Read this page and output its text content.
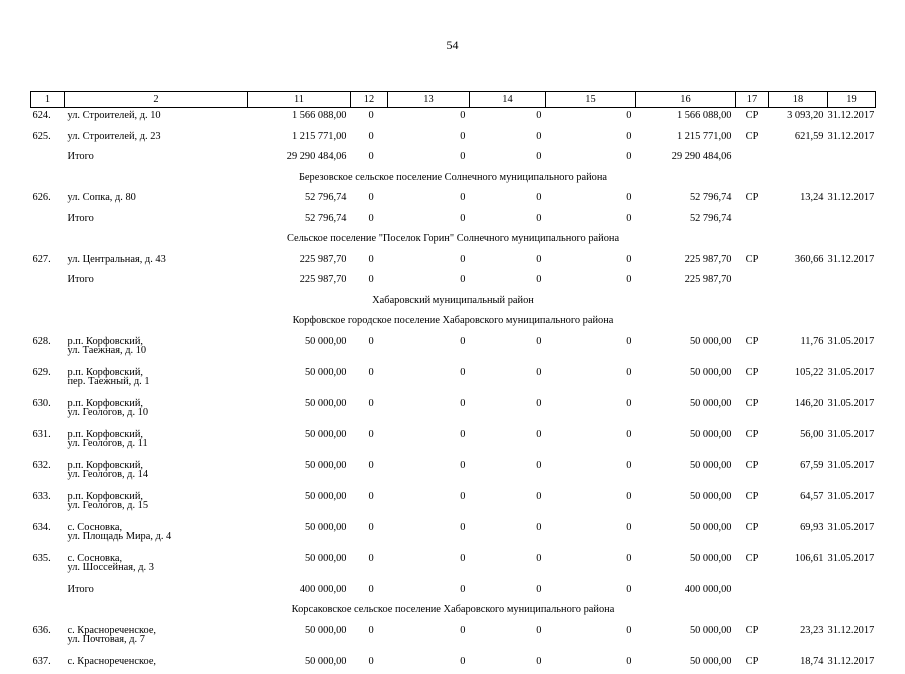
54
1	2	11	12	13	14	15	16	17	18	19
624.	ул. Строителей, д. 10	1 566 088,00	0	0	0	0	1 566 088,00	СР	3 093,20	31.12.2017
625.	ул. Строителей, д. 23	1 215 771,00	0	0	0	0	1 215 771,00	СР	621,59	31.12.2017

	Итого	29 290 484,06	0	0	0	0	29 290 484,06			
Березовское сельское поселение Солнечного муниципального района										
626.	ул. Сопка, д. 80	52 796,74	0	0	0	0	52 796,74	СР	13,24	31.12.2017

	Итого	52 796,74	0	0	0	0	52 796,74			
Сельское поселение "Поселок Горин" Солнечного муниципального района										
627.	ул. Центральная, д. 43	225 987,70	0	0	0	0	225 987,70	СР	360,66	31.12.2017

	Итого	225 987,70	0	0	0	0	225 987,70			
Хабаровский муниципальный район										
Корфовское городское поселение Хабаровского муниципального района										
628.	р.п. Корфовский,
ул. Таежная, д. 10	50 000,00	0	0	0	0	50 000,00	СР	11,76	31.05.2017
629.	р.п. Корфовский,
пер. Таежный, д. 1	50 000,00	0	0	0	0	50 000,00	СР	105,22	31.05.2017
630.	р.п. Корфовский,
ул. Геологов, д. 10	50 000,00	0	0	0	0	50 000,00	СР	146,20	31.05.2017
631.	р.п. Корфовский,
ул. Геологов, д. 11	50 000,00	0	0	0	0	50 000,00	СР	56,00	31.05.2017
632.	р.п. Корфовский,
ул. Геологов, д. 14	50 000,00	0	0	0	0	50 000,00	СР	67,59	31.05.2017
633.	р.п. Корфовский,
ул. Геологов, д. 15	50 000,00	0	0	0	0	50 000,00	СР	64,57	31.05.2017
634.	с. Сосновка,
ул. Площадь Мира, д. 4	50 000,00	0	0	0	0	50 000,00	СР	69,93	31.05.2017
635.	с. Сосновка,
ул. Шоссейная, д. 3	50 000,00	0	0	0	0	50 000,00	СР	106,61	31.05.2017

	Итого	400 000,00	0	0	0	0	400 000,00			
Корсаковское сельское поселение Хабаровского муниципального района										
636.	с. Краснореченское,
ул. Почтовая, д. 7	50 000,00	0	0	0	0	50 000,00	СР	23,23	31.12.2017
637.	с. Краснореченское,	50 000,00	0	0	0	0	50 000,00	СР	18,74	31.12.2017
